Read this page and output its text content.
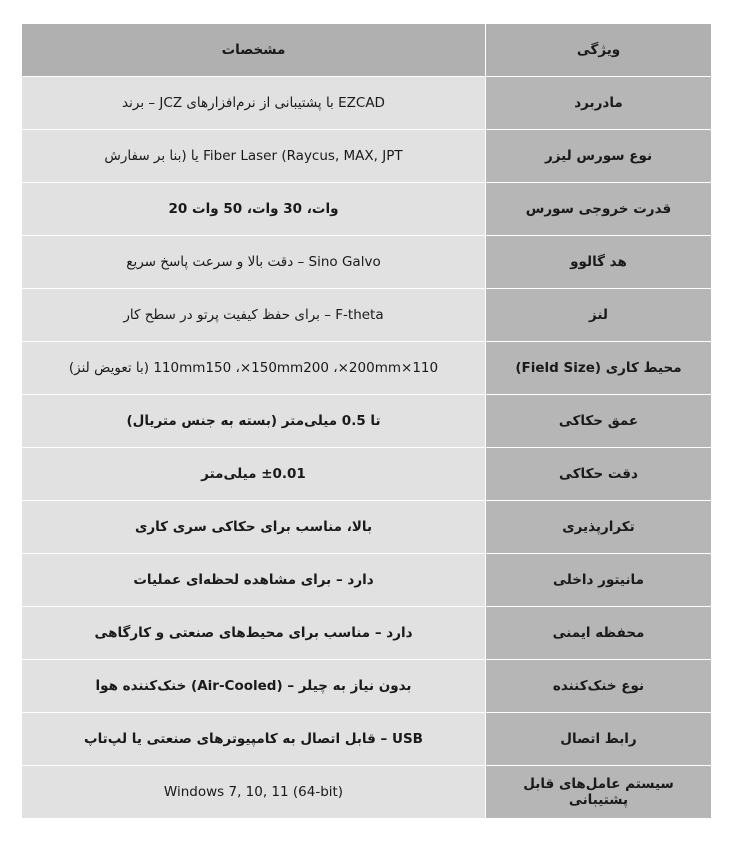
مشخصات	ویژگی
EZCAD با پشتیبانی از نرم‌افزارهای JCZ – برند	مادربرد
Fiber Laser (Raycus, MAX, JPT یا (بنا بر سفارش	نوع سورس لیزر
وات، 30 وات، 50 وات 20	قدرت خروجی سورس
Sino Galvo – دقت بالا و سرعت پاسخ سریع	هد گالوو
F-theta – برای حفظ کیفیت پرتو در سطح کار	لنز
110×110mm150 ،×150mm200 ،×200mm (با تعویض لنز)	محیط کاری (Field Size)
تا 0.5 میلی‌متر (بسته به جنس متریال)	عمق حکاکی
±0.01 میلی‌متر	دقت حکاکی
بالا، مناسب برای حکاکی سری کاری	تکرارپذیری
دارد – برای مشاهده لحظه‌ای عملیات	مانیتور داخلی
دارد – مناسب برای محیط‌های صنعتی و کارگاهی	محفظه ایمنی
بدون نیاز به چیلر – (Air-Cooled) خنک‌کننده هوا	نوع خنک‌کننده
USB – قابل اتصال به کامپیوترهای صنعتی یا لپ‌تاپ	رابط اتصال
Windows 7, 10, 11 (64-bit)	سیستم عامل‌های قابل پشتیبانی
